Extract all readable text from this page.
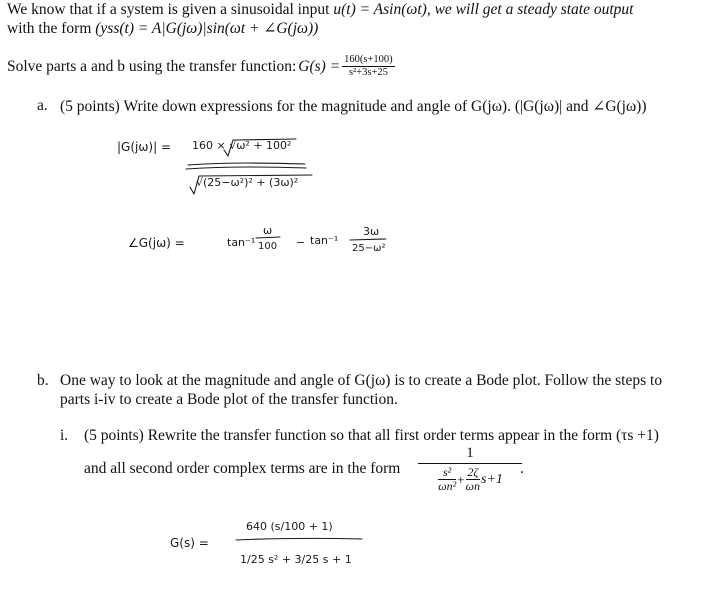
We know that if a system is given a sinusoidal input u(t) = Asin(ωt), we will get a steady state output
with the form (yss(t) = A|G(jω)|sin(ωt + ∠G(jω))
Solve parts a and b using the transfer function: $G(s) = \frac{160(s+100)}{\text{s²+3s+25}}$
a. (5 points) Write down expressions for the magnitude and angle of G(jω). (|G(jω)| and ∠G(jω))
|G(jω)| = 160 × √ω² + 100²
√(25−ω²)² + (3ω)²
∠G(jω) =	tan⁻¹
ω
100 − tan⁻¹
3ω
25−ω²
b. One way to look at the magnitude and angle of G(jω) is to create a Bode plot. Follow the steps to
parts i-iv to create a Bode plot of the transfer function.
i. (5 points) Rewrite the transfer function so that all first order terms appear in the form (τs +1)
and all second order complex terms are in the form
1
$\frac{\text{s²}}{\text{ωn²}} + \frac{2\zeta}{\omega n} s+1$
.
G(s) =
640 (s/100 + 1)
1/25 s² + 3/25 s + 1
